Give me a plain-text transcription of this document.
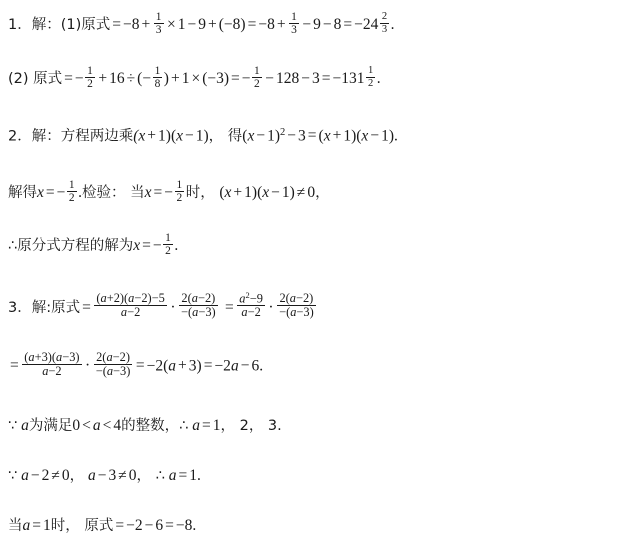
1．解：(1)原式 = $-8 + \frac{1}{3} \times 1 - 9 + (-8) = -8 + \frac{1}{3} - 9 - 8 = -24 \frac{2}{3}$ .
(2) 原式 = − $\frac{1}{2} + 16$ ÷ (− $\frac{1}{8}$ ) + 1 × (−3) = − $\frac{1}{2} - 128 - 3 = -131 \frac{1}{2}$ .
2．解：方程两边乘(x + 1)(x − 1)， 得$(x - 1)^2 - 3 = (x + 1)(x - 1)$.
解得x = − $\frac{1}{2}$ .检验： 当x = − $\frac{1}{2}$ 时， (x + 1)(x − 1) ≠ 0，
∴原分式方程的解为x = − $\frac{1}{2}$ .
3．解:原式 = $\frac{(a+2)(a-2)-5}{a-2} \cdot \frac{2(a-2)}{-(a-3)} = \frac{a^2-9}{a-2} \cdot \frac{2(a-2)}{-(a-3)}$
= $\frac{(a+3)(a-3)}{a-2} \cdot \frac{2(a-2)}{-(a-3)} = -2(a + 3) = -2a - 6$.
∵ a为满足0 < a < 4的整数，∴ a = 1， 2， 3.
∵ a − 2 ≠ 0， a − 3 ≠ 0， ∴ a = 1.
当a = 1时， 原式 = −2 − 6 = −8.
